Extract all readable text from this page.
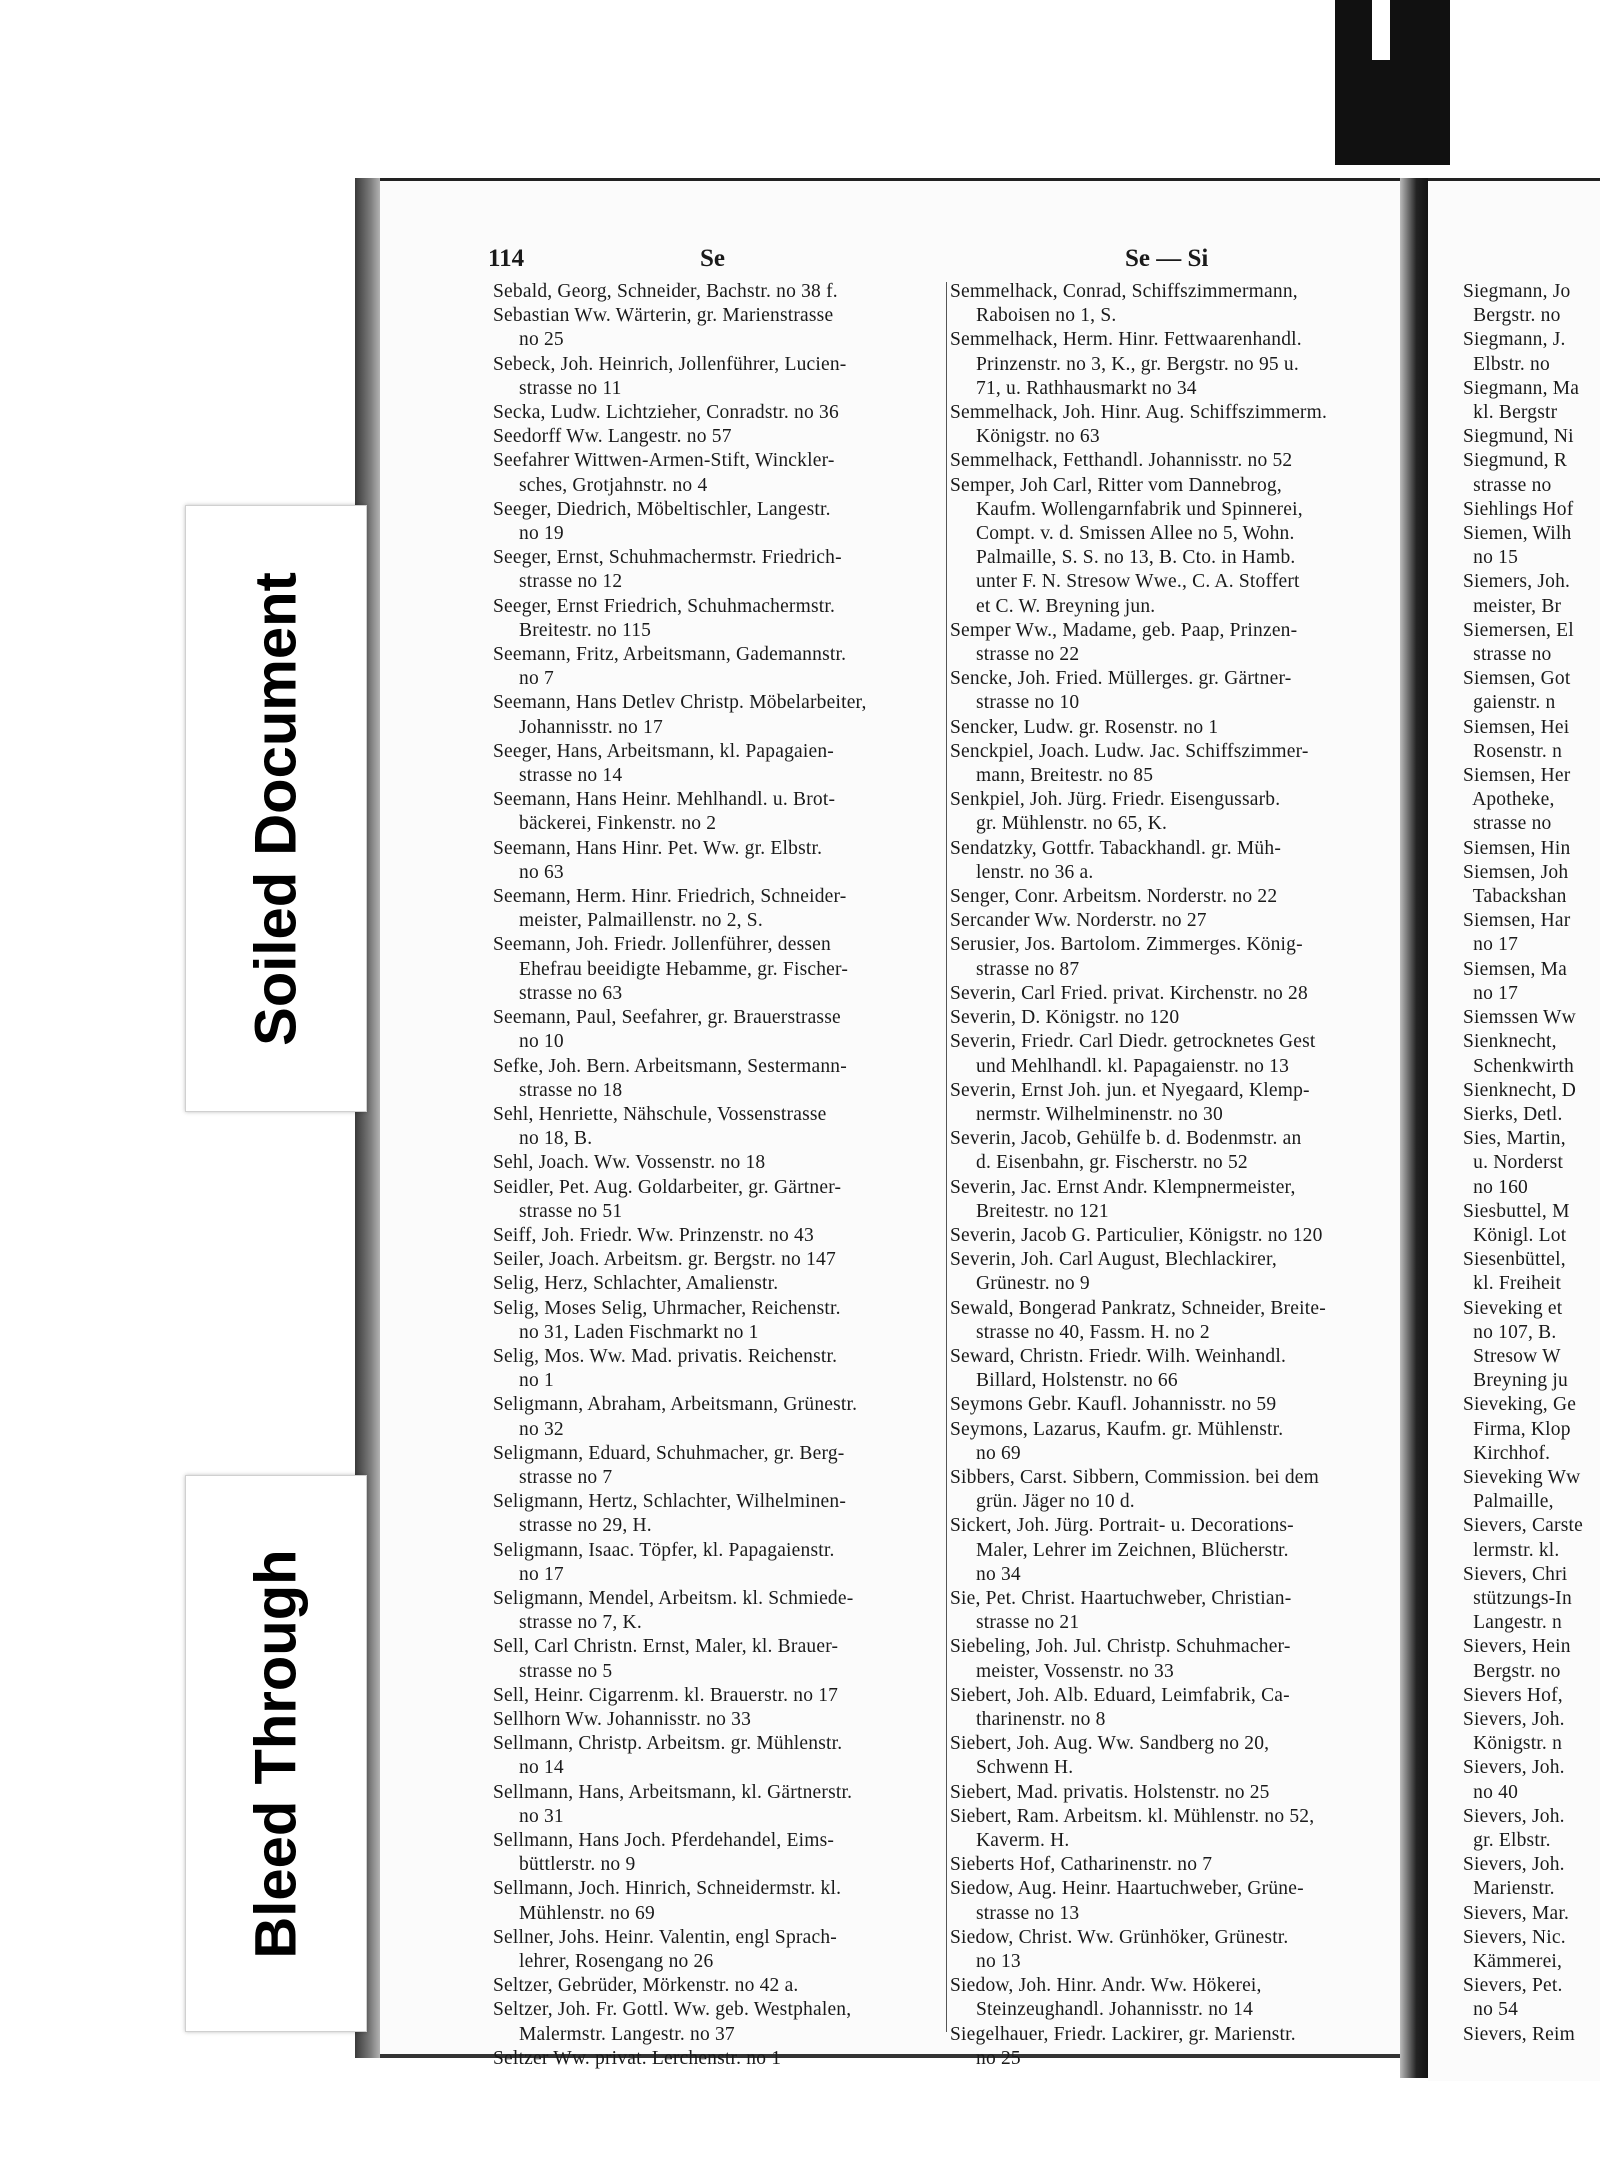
Soiled Document
Bleed Through
114	Se	Se — Si
Sebald, Georg, Schneider, Bachstr. no 38 f.
Sebastian Ww. Wärterin, gr. Marienstrasse
no 25
Sebeck, Joh. Heinrich, Jollenführer, Lucien-
strasse no 11
Secka, Ludw. Lichtzieher, Conradstr. no 36
Seedorff Ww. Langestr. no 57
Seefahrer Wittwen-Armen-Stift, Winckler-
sches, Grotjahnstr. no 4
Seeger, Diedrich, Möbeltischler, Langestr.
no 19
Seeger, Ernst, Schuhmachermstr. Friedrich-
strasse no 12
Seeger, Ernst Friedrich, Schuhmachermstr.
Breitestr. no 115
Seemann, Fritz, Arbeitsmann, Gademannstr.
no 7
Seemann, Hans Detlev Christp. Möbelarbeiter,
Johannisstr. no 17
Seeger, Hans, Arbeitsmann, kl. Papagaien-
strasse no 14
Seemann, Hans Heinr. Mehlhandl. u. Brot-
bäckerei, Finkenstr. no 2
Seemann, Hans Hinr. Pet. Ww. gr. Elbstr.
no 63
Seemann, Herm. Hinr. Friedrich, Schneider-
meister, Palmaillenstr. no 2, S.
Seemann, Joh. Friedr. Jollenführer, dessen
Ehefrau beeidigte Hebamme, gr. Fischer-
strasse no 63
Seemann, Paul, Seefahrer, gr. Brauerstrasse
no 10
Sefke, Joh. Bern. Arbeitsmann, Sestermann-
strasse no 18
Sehl, Henriette, Nähschule, Vossenstrasse
no 18, B.
Sehl, Joach. Ww. Vossenstr. no 18
Seidler, Pet. Aug. Goldarbeiter, gr. Gärtner-
strasse no 51
Seiff, Joh. Friedr. Ww. Prinzenstr. no 43
Seiler, Joach. Arbeitsm. gr. Bergstr. no 147
Selig, Herz, Schlachter, Amalienstr.
Selig, Moses Selig, Uhrmacher, Reichenstr.
no 31, Laden Fischmarkt no 1
Selig, Mos. Ww. Mad. privatis. Reichenstr.
no 1
Seligmann, Abraham, Arbeitsmann, Grünestr.
no 32
Seligmann, Eduard, Schuhmacher, gr. Berg-
strasse no 7
Seligmann, Hertz, Schlachter, Wilhelminen-
strasse no 29, H.
Seligmann, Isaac. Töpfer, kl. Papagaienstr.
no 17
Seligmann, Mendel, Arbeitsm. kl. Schmiede-
strasse no 7, K.
Sell, Carl Christn. Ernst, Maler, kl. Brauer-
strasse no 5
Sell, Heinr. Cigarrenm. kl. Brauerstr. no 17
Sellhorn Ww. Johannisstr. no 33
Sellmann, Christp. Arbeitsm. gr. Mühlenstr.
no 14
Sellmann, Hans, Arbeitsmann, kl. Gärtnerstr.
no 31
Sellmann, Hans Joch. Pferdehandel, Eims-
büttlerstr. no 9
Sellmann, Joch. Hinrich, Schneidermstr. kl.
Mühlenstr. no 69
Sellner, Johs. Heinr. Valentin, engl Sprach-
lehrer, Rosengang no 26
Seltzer, Gebrüder, Mörkenstr. no 42 a.
Seltzer, Joh. Fr. Gottl. Ww. geb. Westphalen,
Malermstr. Langestr. no 37
Seltzer Ww. privat. Lerchenstr. no 1
Semmelhack, Conrad, Schiffszimmermann,
Raboisen no 1, S.
Semmelhack, Herm. Hinr. Fettwaarenhandl.
Prinzenstr. no 3, K., gr. Bergstr. no 95 u.
71, u. Rathhausmarkt no 34
Semmelhack, Joh. Hinr. Aug. Schiffszimmerm.
Königstr. no 63
Semmelhack, Fetthandl. Johannisstr. no 52
Semper, Joh Carl, Ritter vom Dannebrog,
Kaufm. Wollengarnfabrik und Spinnerei,
Compt. v. d. Smissen Allee no 5, Wohn.
Palmaille, S. S. no 13, B. Cto. in Hamb.
unter F. N. Stresow Wwe., C. A. Stoffert
et C. W. Breyning jun.
Semper Ww., Madame, geb. Paap, Prinzen-
strasse no 22
Sencke, Joh. Fried. Müllerges. gr. Gärtner-
strasse no 10
Sencker, Ludw. gr. Rosenstr. no 1
Senckpiel, Joach. Ludw. Jac. Schiffszimmer-
mann, Breitestr. no 85
Senkpiel, Joh. Jürg. Friedr. Eisengussarb.
gr. Mühlenstr. no 65, K.
Sendatzky, Gottfr. Tabackhandl. gr. Müh-
lenstr. no 36 a.
Senger, Conr. Arbeitsm. Norderstr. no 22
Sercander Ww. Norderstr. no 27
Serusier, Jos. Bartolom. Zimmerges. König-
strasse no 87
Severin, Carl Fried. privat. Kirchenstr. no 28
Severin, D. Königstr. no 120
Severin, Friedr. Carl Diedr. getrocknetes Gest
und Mehlhandl. kl. Papagaienstr. no 13
Severin, Ernst Joh. jun. et Nyegaard, Klemp-
nermstr. Wilhelminenstr. no 30
Severin, Jacob, Gehülfe b. d. Bodenmstr. an
d. Eisenbahn, gr. Fischerstr. no 52
Severin, Jac. Ernst Andr. Klempnermeister,
Breitestr. no 121
Severin, Jacob G. Particulier, Königstr. no 120
Severin, Joh. Carl August, Blechlackirer,
Grünestr. no 9
Sewald, Bongerad Pankratz, Schneider, Breite-
strasse no 40, Fassm. H. no 2
Seward, Christn. Friedr. Wilh. Weinhandl.
Billard, Holstenstr. no 66
Seymons Gebr. Kaufl. Johannisstr. no 59
Seymons, Lazarus, Kaufm. gr. Mühlenstr.
no 69
Sibbers, Carst. Sibbern, Commission. bei dem
grün. Jäger no 10 d.
Sickert, Joh. Jürg. Portrait- u. Decorations-
Maler, Lehrer im Zeichnen, Blücherstr.
no 34
Sie, Pet. Christ. Haartuchweber, Christian-
strasse no 21
Siebeling, Joh. Jul. Christp. Schuhmacher-
meister, Vossenstr. no 33
Siebert, Joh. Alb. Eduard, Leimfabrik, Ca-
tharinenstr. no 8
Siebert, Joh. Aug. Ww. Sandberg no 20,
Schwenn H.
Siebert, Mad. privatis. Holstenstr. no 25
Siebert, Ram. Arbeitsm. kl. Mühlenstr. no 52,
Kaverm. H.
Sieberts Hof, Catharinenstr. no 7
Siedow, Aug. Heinr. Haartuchweber, Grüne-
strasse no 13
Siedow, Christ. Ww. Grünhöker, Grünestr.
no 13
Siedow, Joh. Hinr. Andr. Ww. Hökerei,
Steinzeughandl. Johannisstr. no 14
Siegelhauer, Friedr. Lackirer, gr. Marienstr.
no 25
Siegmann, Jo
Bergstr. no
Siegmann, J.
Elbstr. no
Siegmann, Ma
kl. Bergstr
Siegmund, Ni
Siegmund, R
strasse no
Siehlings Hof
Siemen, Wilh
no 15
Siemers, Joh.
meister, Br
Siemersen, El
strasse no
Siemsen, Got
gaienstr. n
Siemsen, Hei
Rosenstr. n
Siemsen, Her
Apotheke,
strasse no
Siemsen, Hin
Siemsen, Joh
Tabackshan
Siemsen, Har
no 17
Siemsen, Ma
no 17
Siemssen Ww
Sienknecht,
Schenkwirth
Sienknecht, D
Sierks, Detl.
Sies, Martin,
u. Norderst
no 160
Siesbuttel, M
Königl. Lot
Siesenbüttel,
kl. Freiheit
Sieveking et
no 107, B.
Stresow W
Breyning ju
Sieveking, Ge
Firma, Klop
Kirchhof.
Sieveking Ww
Palmaille,
Sievers, Carste
lermstr. kl.
Sievers, Chri
stützungs-In
Langestr. n
Sievers, Hein
Bergstr. no
Sievers Hof,
Sievers, Joh.
Königstr. n
Sievers, Joh.
no 40
Sievers, Joh.
gr. Elbstr.
Sievers, Joh.
Marienstr.
Sievers, Mar.
Sievers, Nic.
Kämmerei,
Sievers, Pet.
no 54
Sievers, Reim
